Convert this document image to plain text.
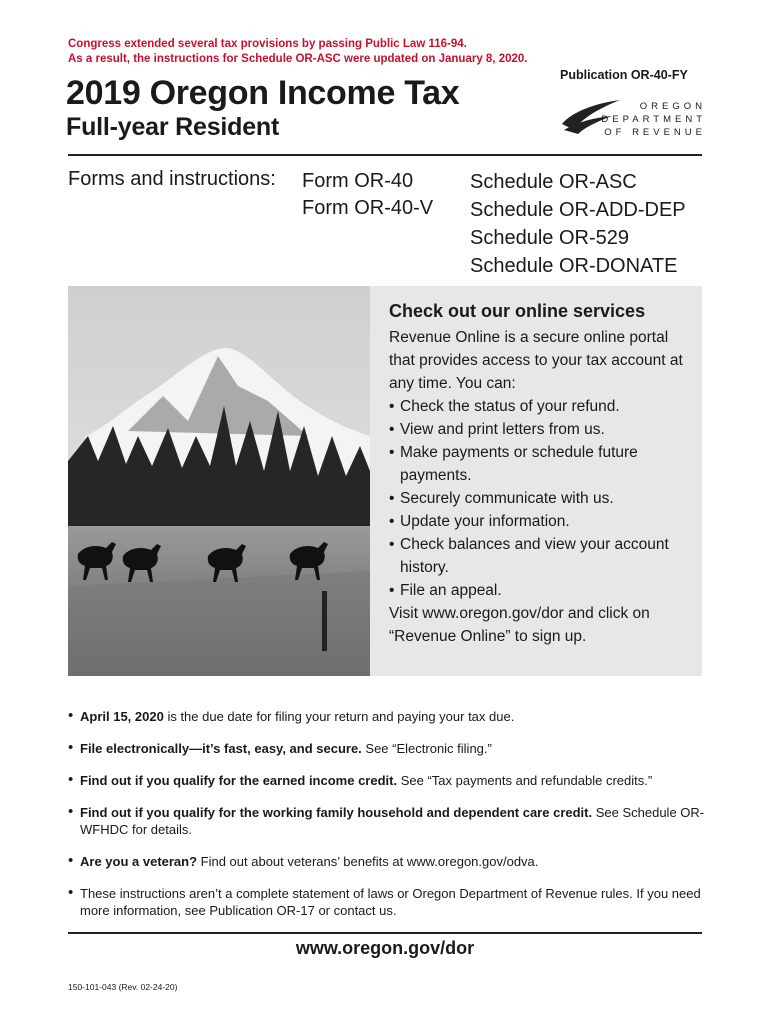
Congress extended several tax provisions by passing Public Law 116-94.
As a result, the instructions for Schedule OR-ASC were updated on January 8, 2020.
Publication OR-40-FY
2019 Oregon Income Tax
Full-year Resident
OREGON
DEPARTMENT
OF REVENUE
Forms and instructions: Form OR-40
Form OR-40-V
Schedule OR-ASC
Schedule OR-ADD-DEP
Schedule OR-529
Schedule OR-DONATE
Check out our online services
Revenue Online is a secure online portal that provides access to your tax account at any time. You can:
• Check the status of your refund.
• View and print letters from us.
• Make payments or schedule future payments.
• Securely communicate with us.
• Update your information.
• Check balances and view your account history.
• File an appeal.
Visit www.oregon.gov/dor and click on “Revenue Online” to sign up.
• April 15, 2020 is the due date for filing your return and paying your tax due.
• File electronically—it’s fast, easy, and secure. See “Electronic filing.”
• Find out if you qualify for the earned income credit. See “Tax payments and refundable credits.”
• Find out if you qualify for the working family household and dependent care credit. See Schedule OR-WFHDC for details.
• Are you a veteran? Find out about veterans’ benefits at www.oregon.gov/odva.
• These instructions aren’t a complete statement of laws or Oregon Department of Revenue rules. If you need more information, see Publication OR-17 or contact us.
www.oregon.gov/dor
150-101-043 (Rev. 02-24-20)
